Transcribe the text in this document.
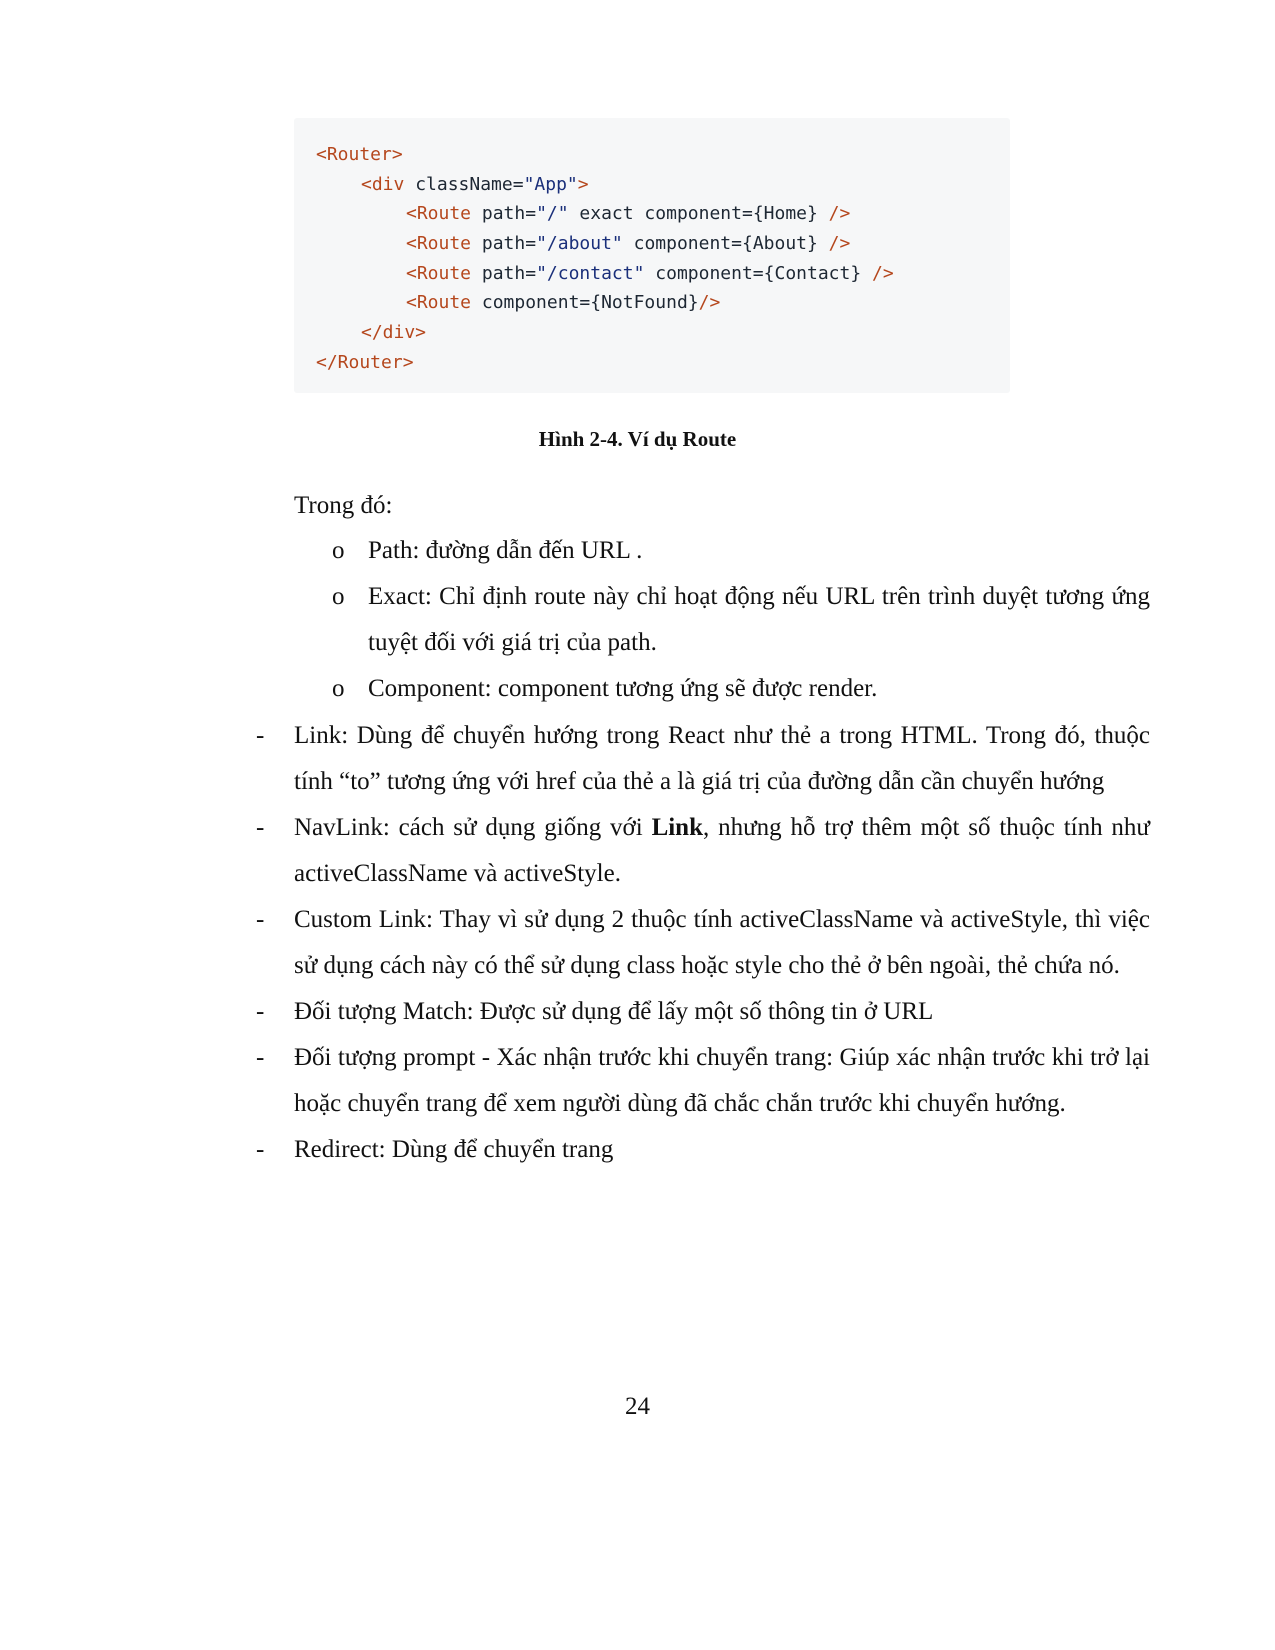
<Router>
<div className="App">
<Route path="/" exact component={Home} />
<Route path="/about" component={About} />
<Route path="/contact" component={Contact} />
<Route component={NotFound}/>
</div>
</Router>
Hình 2-4. Ví dụ Route
Trong đó:
o Path: đường dẫn đến URL .
o Exact: Chỉ định route này chỉ hoạt động nếu URL trên trình duyệt tương ứng tuyệt đối với giá trị của path.
o Component: component tương ứng sẽ được render.
- Link: Dùng để chuyển hướng trong React như thẻ a trong HTML. Trong đó, thuộc tính “to” tương ứng với href của thẻ a là giá trị của đường dẫn cần chuyển hướng
- NavLink: cách sử dụng giống với Link, nhưng hỗ trợ thêm một số thuộc tính như activeClassName và activeStyle.
- Custom Link: Thay vì sử dụng 2 thuộc tính activeClassName và activeStyle, thì việc sử dụng cách này có thể sử dụng class hoặc style cho thẻ ở bên ngoài, thẻ chứa nó.
- Đối tượng Match: Được sử dụng để lấy một số thông tin ở URL
- Đối tượng prompt - Xác nhận trước khi chuyển trang: Giúp xác nhận trước khi trở lại hoặc chuyển trang để xem người dùng đã chắc chắn trước khi chuyển hướng.
- Redirect: Dùng để chuyển trang
24
